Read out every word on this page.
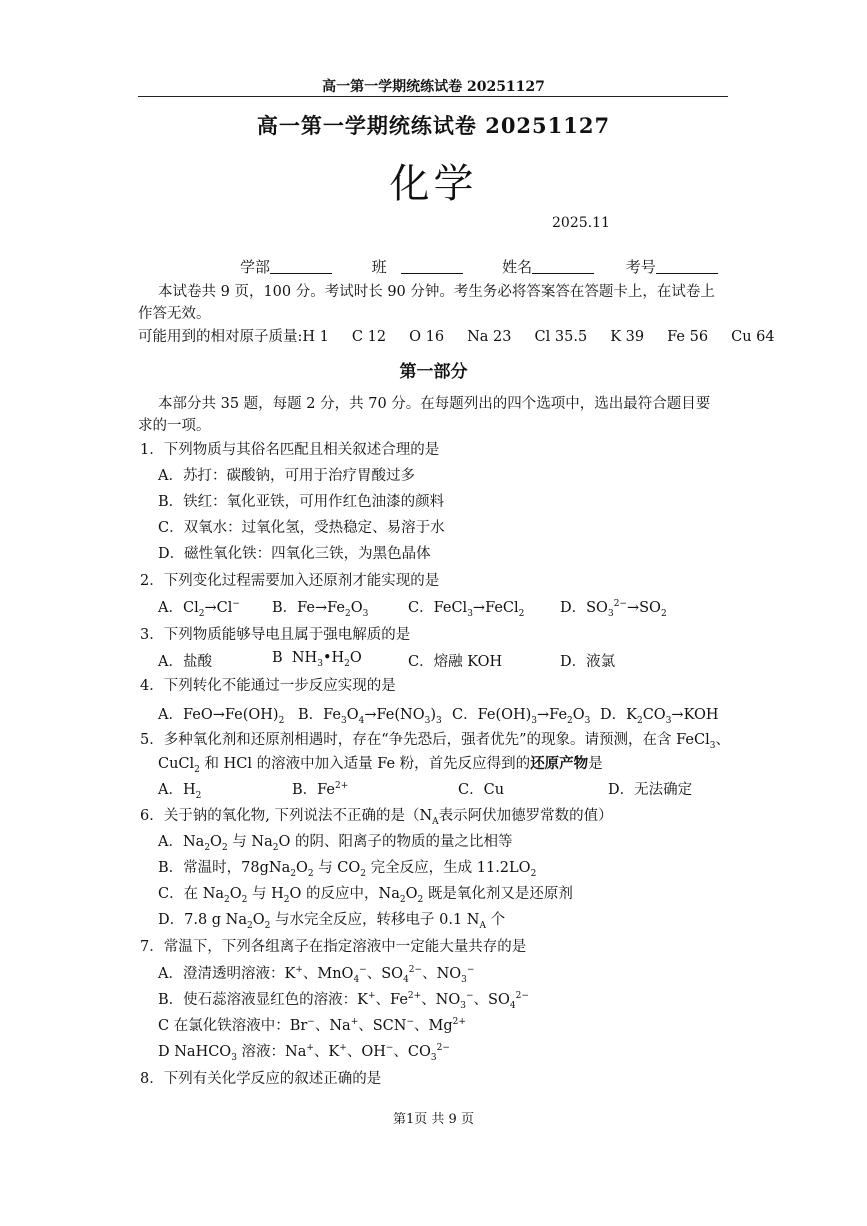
高一第一学期统练试卷 20251127
高一第一学期统练试卷 20251127
化学
2025.11
学部	班	姓名	考号
本试卷共 9 页，100 分。考试时长 90 分钟。考生务必将答案答在答题卡上，在试卷上
作答无效。
可能用到的相对原子质量:H 1     C 12     O 16     Na 23     Cl 35.5     K 39     Fe 56     Cu 64
第一部分
本部分共 35 题，每题 2 分，共 70 分。在每题列出的四个选项中，选出最符合题目要
求的一项。
1．下列物质与其俗名匹配且相关叙述合理的是
A．苏打：碳酸钠，可用于治疗胃酸过多
B．铁红：氧化亚铁，可用作红色油漆的颜料
C．双氧水：过氧化氢，受热稳定、易溶于水
D．磁性氧化铁：四氧化三铁，为黑色晶体
2．下列变化过程需要加入还原剂才能实现的是
A．$Cl_2\to Cl^-$ B．$Fe\to Fe_2O_3$	C．FeCl$_3$→FeCl$_2$ D．$SO_3^{2-}\to SO_2$
3．下列物质能够导电且属于强电解质的是
A．盐酸	B  $NH_3•H_2O$	C．熔融 KOH	D．液氯
4．下列转化不能通过一步反应实现的是
A．$FeO\to Fe(OH)_2$ B．$Fe_3O_4\to Fe(NO_3)_3$ C．$Fe(OH)_3\to Fe_2O_3$ D．$K_2CO_3\to KOH$
5．多种氧化剂和还原剂相遇时，存在“争先恐后，强者优先”的现象。请预测，在含 FeCl$_3$、
CuCl$_2$ 和 HCl 的溶液中加入适量 Fe 粉，首先反应得到的还原产物是
A．$H_2$	B．$Fe^{2+}$	C．Cu	D．无法确定
6．关于钠的氧化物, 下列说法不正确的是（$N_A$表示阿伏加德罗常数的值）
A．$Na_2O_2$ 与 $Na_2O$ 的阴、阳离子的物质的量之比相等
B．常温时，$78gNa_2O_2$ 与 $CO_2$ 完全反应，生成 $11.2LO_2$
C．在 $Na_2O_2$ 与 $H_2O$ 的反应中，$Na_2O_2$ 既是氧化剂又是还原剂
D．7.8 g $Na_2O_2$ 与水完全反应，转移电子 0.1 $N_A$ 个
7．常温下，下列各组离子在指定溶液中一定能大量共存的是
A．澄清透明溶液：K+、MnO$_4$−、$SO_4^{2-}$、$NO_3^-$
B．使石蕊溶液显红色的溶液：K+、$Fe^{2+}$、$NO_3^-$、$SO_4^{2-}$
C 在氯化铁溶液中：Br−、Na+、SCN−、$Mg^{2+}$
D NaHCO$_3$ 溶液：Na+、K+、OH−、$CO_3^{2-}$
8．下列有关化学反应的叙述正确的是
第1页 共 9 页
